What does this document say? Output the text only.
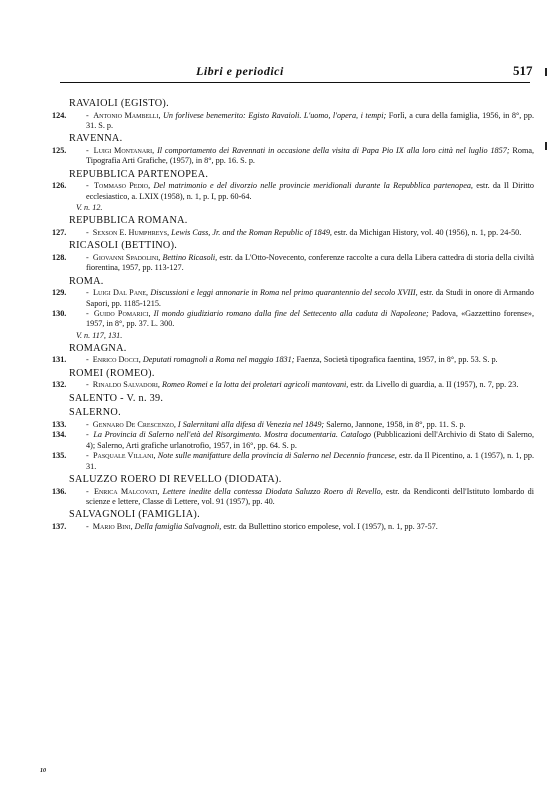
Libri e periodici	517
RAVAIOLI (EGISTO).
124. - Antonio Mambelli, Un forlivese benemerito: Egisto Ravaioli. L'uomo, l'opera, i tempi; Forlì, a cura della famiglia, 1956, in 8°, pp. 31. S. p.
RAVENNA.
125. - Luigi Montanari, Il comportamento dei Ravennati in occasione della visita di Papa Pio IX alla loro città nel luglio 1857; Roma, Tipografia Arti Grafiche, (1957), in 8°, pp. 16. S. p.
REPUBBLICA PARTENOPEA.
126. - Tommaso Pedio, Del matrimonio e del divorzio nelle provincie meridionali durante la Repubblica partenopea, estr. da Il Diritto ecclesiastico, a. LXIX (1958), n. 1, p. I, pp. 60-64.
V. n. 12.
REPUBBLICA ROMANA.
127. - Sexson E. Humphreys, Lewis Cass, Jr. and the Roman Republic of 1849, estr. da Michigan History, vol. 40 (1956), n. 1, pp. 24-50.
RICASOLI (BETTINO).
128. - Giovanni Spadolini, Bettino Ricasoli, estr. da L'Otto-Novecento, conferenze raccolte a cura della Libera cattedra di storia della civiltà fiorentina, 1957, pp. 113-127.
ROMA.
129. - Luigi Dal Pane, Discussioni e leggi annonarie in Roma nel primo quarantennio del secolo XVIII, estr. da Studi in onore di Armando Sapori, pp. 1185-1215.
130. - Guido Pomarici, Il mondo giudiziario romano dalla fine del Settecento alla caduta di Napoleone; Padova, «Gazzettino forense», 1957, in 8°, pp. 37. L. 300.
V. n. 117, 131.
ROMAGNA.
131. - Enrico Docci, Deputati romagnoli a Roma nel maggio 1831; Faenza, Società tipografica faentina, 1957, in 8°, pp. 53. S. p.
ROMEI (ROMEO).
132. - Rinaldo Salvadori, Romeo Romei e la lotta dei proletari agricoli mantovani, estr. da Livello di guardia, a. II (1957), n. 7, pp. 23.
SALENTO - V. n. 39.
SALERNO.
133. - Gennaro De Crescenzo, I Salernitani alla difesa di Venezia nel 1849; Salerno, Jannone, 1958, in 8°, pp. 11. S. p.
134. - La Provincia di Salerno nell'età del Risorgimento. Mostra documentaria. Catalogo (Pubblicazioni dell'Archivio di Stato di Salerno, 4); Salerno, Arti grafiche urlanotrofio, 1957, in 16°, pp. 64. S. p.
135. - Pasquale Villani, Note sulle manifatture della provincia di Salerno nel Decennio francese, estr. da Il Picentino, a. 1 (1957), n. 1, pp. 31.
SALUZZO ROERO DI REVELLO (DIODATA).
136. - Enrica Malcovati, Lettere inedite della contessa Diodata Saluzzo Roero di Revello, estr. da Rendiconti dell'Istituto lombardo di scienze e lettere, Classe di Lettere, vol. 91 (1957), pp. 40.
SALVAGNOLI (FAMIGLIA).
137. - Mario Bini, Della famiglia Salvagnoli, estr. da Bullettino storico empolese, vol. I (1957), n. 1, pp. 37-57.
10
